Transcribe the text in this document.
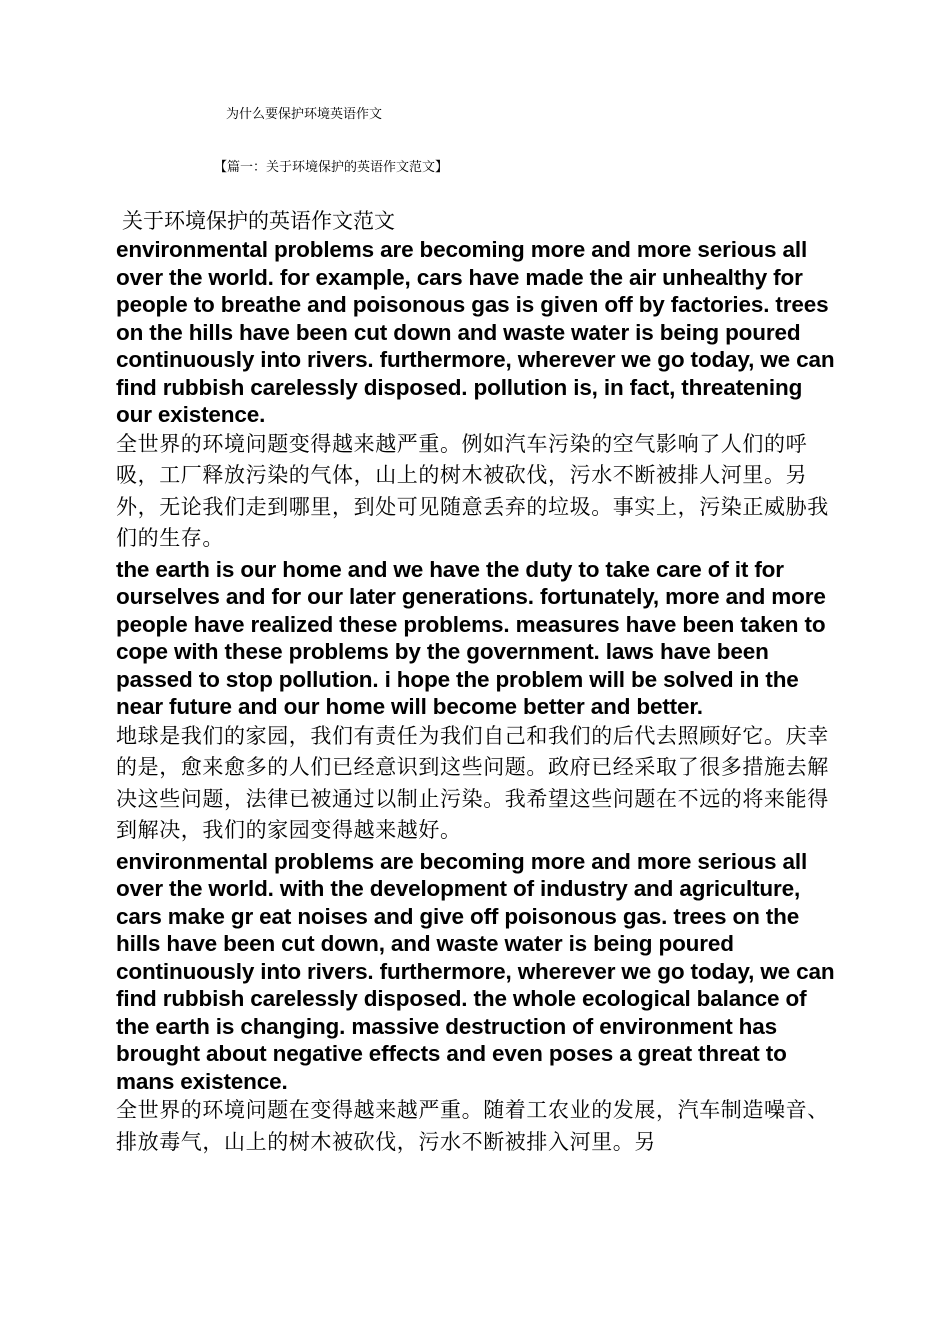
为什么要保护环境英语作文
【篇一：关于环境保护的英语作文范文】

关于环境保护的英语作文范文

environmental problems are becoming more and more serious all over the world. for example, cars have made the air unhealthy for people to breathe and poisonous gas is given off by factories. trees on the hills have been cut down and waste water is being poured continuously into rivers. furthermore, wherever we go today, we can find rubbish carelessly disposed. pollution is, in fact, threatening our existence.

全世界的环境问题变得越来越严重。例如汽车污染的空气影响了人们的呼吸，工厂释放污染的气体，山上的树木被砍伐，污水不断被排人河里。另外，无论我们走到哪里，到处可见随意丢弃的垃圾。事实上，污染正威胁我们的生存。

the earth is our home and we have the duty to take care of it for ourselves and for our later generations. fortunately, more and more people have realized these problems. measures have been taken to cope with these problems by the government. laws have been passed to stop pollution. i hope the problem will be solved in the near future and our home will become better and better.

地球是我们的家园，我们有责任为我们自己和我们的后代去照顾好它。庆幸的是，愈来愈多的人们已经意识到这些问题。政府已经采取了很多措施去解决这些问题，法律已被通过以制止污染。我希望这些问题在不远的将来能得到解决，我们的家园变得越来越好。

environmental problems are becoming more and more serious all over the world. with the development of industry and agriculture, cars make gr eat noises and give off poisonous gas. trees on the hills have been cut down, and waste water is being poured continuously into rivers. furthermore, wherever we go today, we can find rubbish carelessly disposed. the whole ecological balance of the earth is changing. massive destruction of environment has brought about negative effects and even poses a great threat to mans existence.

全世界的环境问题在变得越来越严重。随着工农业的发展，汽车制造噪音、排放毒气，山上的树木被砍伐，污水不断被排入河里。另
